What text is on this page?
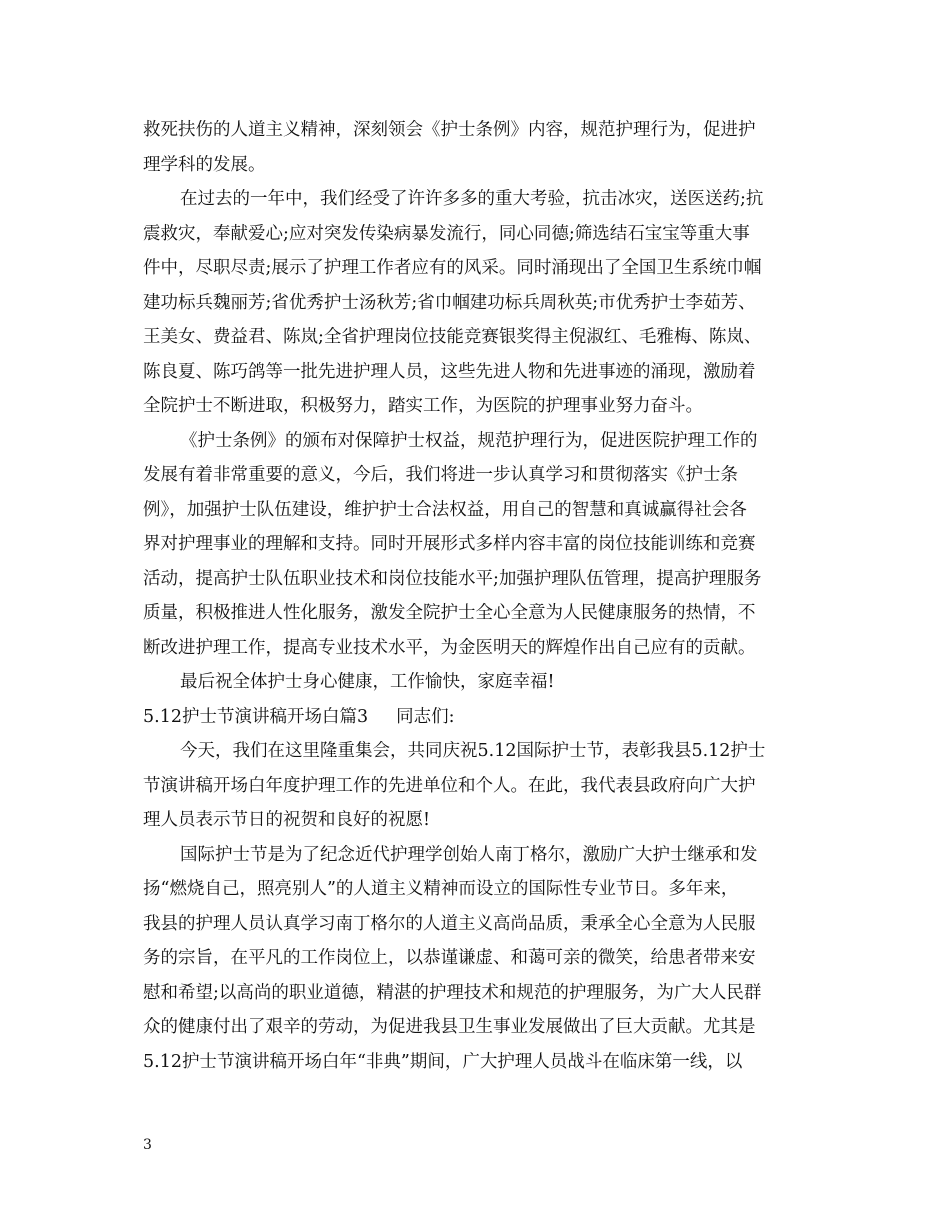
救死扶伤的人道主义精神，深刻领会《护士条例》内容，规范护理行为，促进护
理学科的发展。
在过去的一年中，我们经受了许许多多的重大考验，抗击冰灾，送医送药;抗
震救灾，奉献爱心;应对突发传染病暴发流行，同心同德;筛选结石宝宝等重大事
件中，尽职尽责;展示了护理工作者应有的风采。同时涌现出了全国卫生系统巾帼
建功标兵魏丽芳;省优秀护士汤秋芳;省巾帼建功标兵周秋英;市优秀护士李茹芳、
王美女、费益君、陈岚;全省护理岗位技能竞赛银奖得主倪淑红、毛雅梅、陈岚、
陈良夏、陈巧鸽等一批先进护理人员，这些先进人物和先进事迹的涌现，激励着
全院护士不断进取，积极努力，踏实工作，为医院的护理事业努力奋斗。
《护士条例》的颁布对保障护士权益，规范护理行为，促进医院护理工作的
发展有着非常重要的意义，今后，我们将进一步认真学习和贯彻落实《护士条
例》，加强护士队伍建设，维护护士合法权益，用自己的智慧和真诚赢得社会各
界对护理事业的理解和支持。同时开展形式多样内容丰富的岗位技能训练和竞赛
活动，提高护士队伍职业技术和岗位技能水平;加强护理队伍管理，提高护理服务
质量，积极推进人性化服务，激发全院护士全心全意为人民健康服务的热情，不
断改进护理工作，提高专业技术水平，为金医明天的辉煌作出自己应有的贡献。
最后祝全体护士身心健康，工作愉快，家庭幸福!
5.12护士节演讲稿开场白篇3 同志们:
今天，我们在这里隆重集会，共同庆祝5.12国际护士节，表彰我县5.12护士
节演讲稿开场白年度护理工作的先进单位和个人。在此，我代表县政府向广大护
理人员表示节日的祝贺和良好的祝愿!
国际护士节是为了纪念近代护理学创始人南丁格尔，激励广大护士继承和发
扬“燃烧自己，照亮别人”的人道主义精神而设立的国际性专业节日。多年来，
我县的护理人员认真学习南丁格尔的人道主义高尚品质，秉承全心全意为人民服
务的宗旨，在平凡的工作岗位上，以恭谨谦虚、和蔼可亲的微笑，给患者带来安
慰和希望;以高尚的职业道德，精湛的护理技术和规范的护理服务，为广大人民群
众的健康付出了艰辛的劳动，为促进我县卫生事业发展做出了巨大贡献。尤其是
5.12护士节演讲稿开场白年“非典”期间，广大护理人员战斗在临床第一线，以
3
